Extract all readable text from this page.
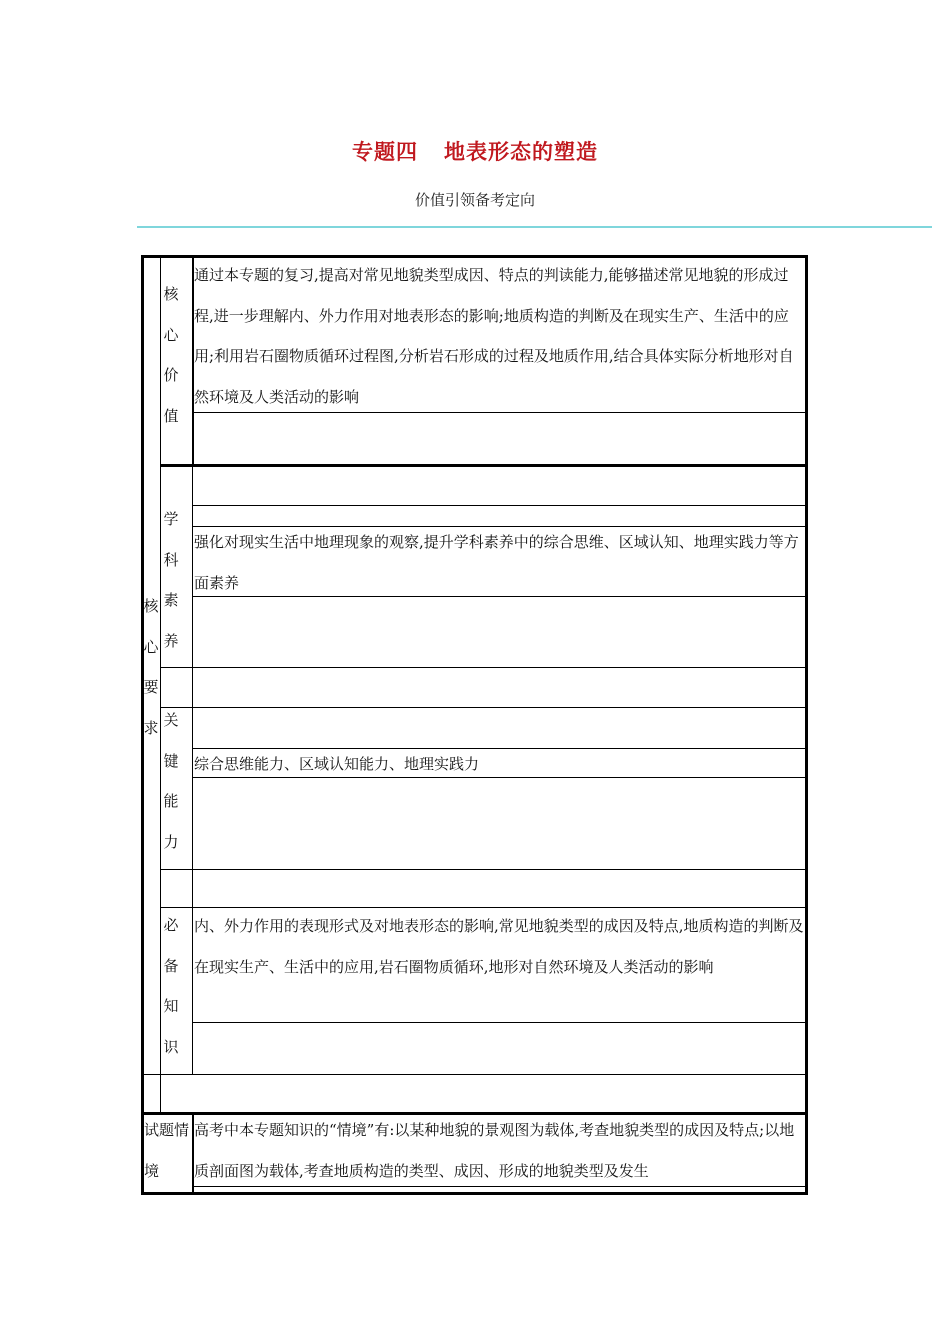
专题四 地表形态的塑造
价值引领备考定向
核心要求
核心价值
学科素养
关键能力
必备知识
试题情境
通过本专题的复习,提高对常见地貌类型成因、特点的判读能力,能够描述常见地貌的形成过程,进一步理解内、外力作用对地表形态的影响;地质构造的判断及在现实生产、生活中的应用;利用岩石圈物质循环过程图,分析岩石形成的过程及地质作用,结合具体实际分析地形对自然环境及人类活动的影响
强化对现实生活中地理现象的观察,提升学科素养中的综合思维、区域认知、地理实践力等方面素养
综合思维能力、区域认知能力、地理实践力
内、外力作用的表现形式及对地表形态的影响,常见地貌类型的成因及特点,地质构造的判断及在现实生产、生活中的应用,岩石圈物质循环,地形对自然环境及人类活动的影响
高考中本专题知识的“情境”有:以某种地貌的景观图为载体,考查地貌类型的成因及特点;以地质剖面图为载体,考查地质构造的类型、成因、形成的地貌类型及发生
